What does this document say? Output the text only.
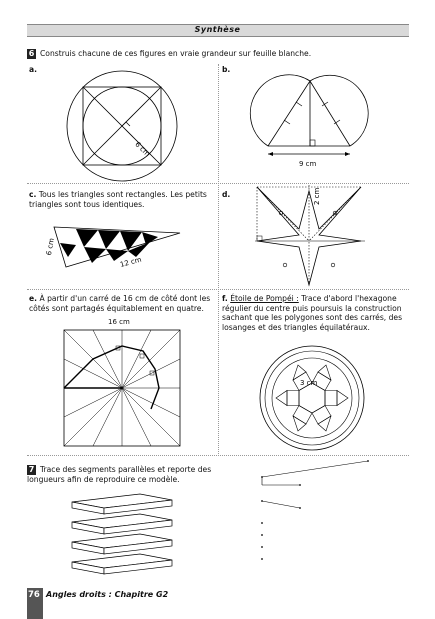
Synthèse
6 Construis chacune de ces figures en vraie grandeur sur feuille blanche.
a.
6 cm
b.
9 cm
c. Tous les triangles sont rectangles. Les petits triangles sont tous identiques.
6 cm
12 cm
d.	2 cm
e. À partir d'un carré de 16 cm de côté dont les côtés sont partagés équitablement en quatre.
16 cm
f. Étoile de Pompéi : Trace d'abord l'hexagone régulier du centre puis poursuis la construction sachant que les polygones sont des carrés, des losanges et des triangles équilatéraux.
3 cm
7 Trace des segments parallèles et reporte des longueurs afin de reproduire ce modèle.
76 Angles droits : Chapitre G2
